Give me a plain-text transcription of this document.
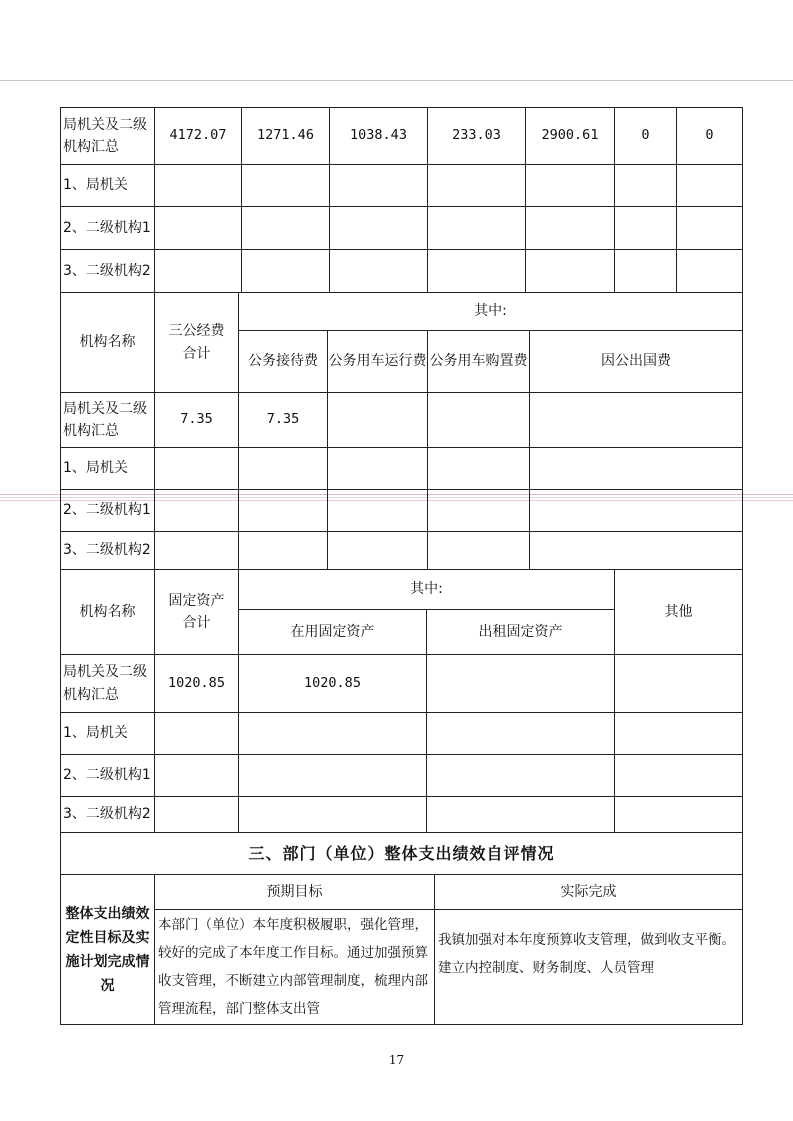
局机关及二级机构汇总	4172.07	1271.46	1038.43	233.03	2900.61	0	0
1、局机关							
2、二级机构1							
3、二级机构2							
机构名称	三公经费合计	其中:			
		公务接待费	公务用车运行费	公务用车购置费	因公出国费
局机关及二级机构汇总	7.35	7.35			
1、局机关					
2、二级机构1					
3、二级机构2					
机构名称	固定资产合计	其中:		其他
		在用固定资产	出租固定资产	
局机关及二级机构汇总	1020.85	1020.85		
1、局机关				
2、二级机构1				
3、二级机构2				
三、部门（单位）整体支出绩效自评情况		
整体支出绩效定性目标及实施计划完成情况	预期目标	实际完成
	本部门（单位）本年度积极履职，强化管理，较好的完成了本年度工作目标。通过加强预算收支管理，不断建立内部管理制度，梳理内部管理流程，部门整体支出管	我镇加强对本年度预算收支管理，做到收支平衡。建立内控制度、财务制度、人员管理
17
